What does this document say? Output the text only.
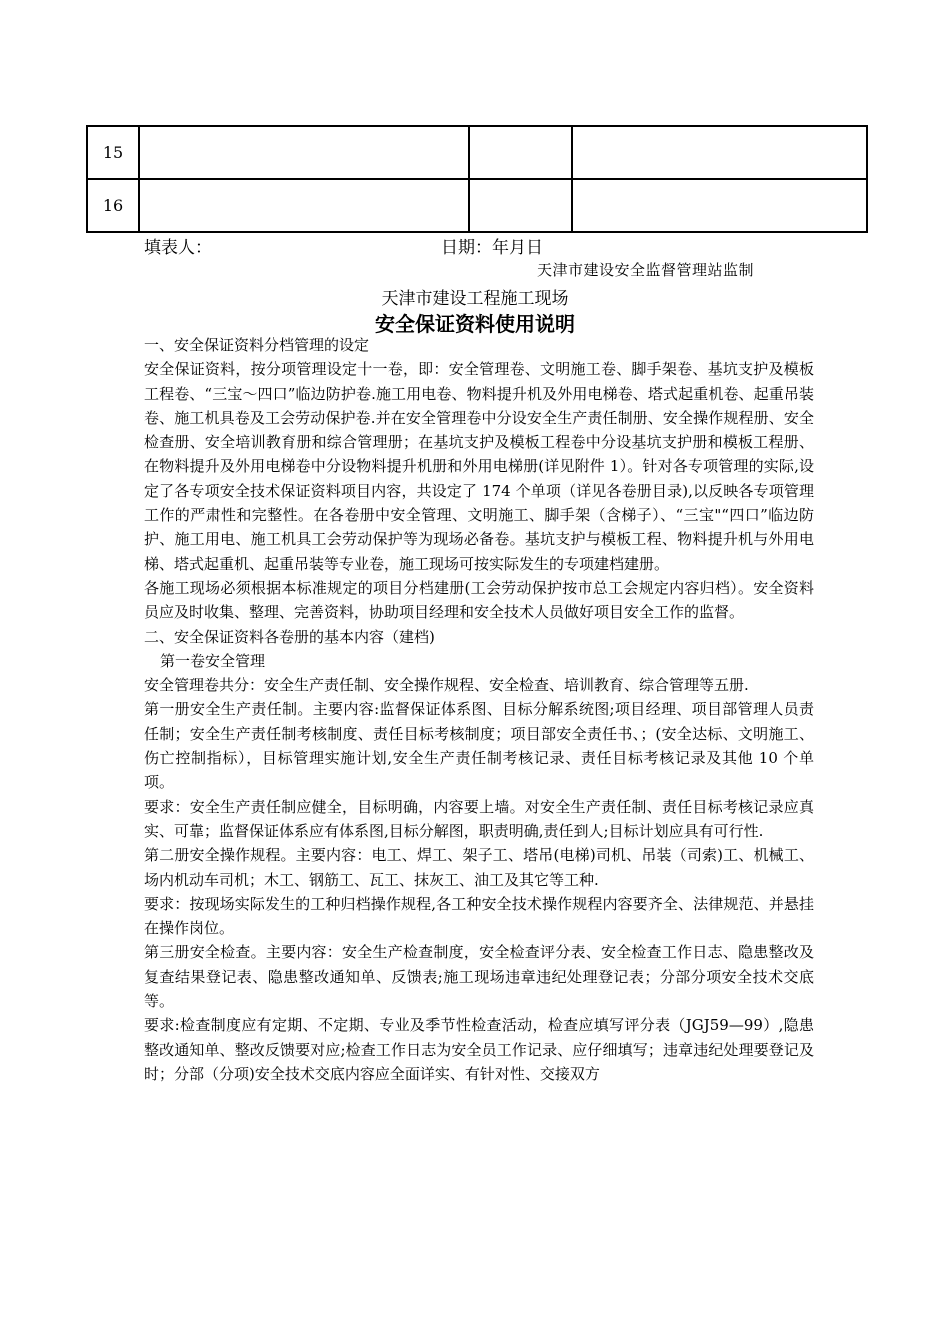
15			
16			
填表人：	日期：年月日
天津市建设安全监督管理站监制
天津市建设工程施工现场
安全保证资料使用说明

一、安全保证资料分档管理的设定

安全保证资料，按分项管理设定十一卷，即：安全管理卷、文明施工卷、脚手架卷、基坑支护及模板工程卷、“三宝～四口”临边防护卷.施工用电卷、物料提升机及外用电梯卷、塔式起重机卷、起重吊装卷、施工机具卷及工会劳动保护卷.并在安全管理卷中分设安全生产责任制册、安全操作规程册、安全检查册、安全培训教育册和综合管理册；在基坑支护及模板工程卷中分设基坑支护册和模板工程册、在物料提升及外用电梯卷中分设物料提升机册和外用电梯册(详见附件 1）。针对各专项管理的实际,设定了各专项安全技术保证资料项目内容，共设定了 174 个单项（详见各卷册目录),以反映各专项管理工作的严肃性和完整性。在各卷册中安全管理、文明施工、脚手架（含梯子）、“三宝"“四口”临边防护、施工用电、施工机具工会劳动保护等为现场必备卷。基坑支护与模板工程、物料提升机与外用电梯、塔式起重机、起重吊装等专业卷，施工现场可按实际发生的专项建档建册。

各施工现场必须根据本标准规定的项目分档建册(工会劳动保护按市总工会规定内容归档）。安全资料员应及时收集、整理、完善资料，协助项目经理和安全技术人员做好项目安全工作的监督。

二、安全保证资料各卷册的基本内容（建档)

第一卷安全管理

安全管理卷共分：安全生产责任制、安全操作规程、安全检查、培训教育、综合管理等五册.

第一册安全生产责任制。主要内容:监督保证体系图、目标分解系统图;项目经理、项目部管理人员责任制；安全生产责任制考核制度、责任目标考核制度；项目部安全责任书、；(安全达标、文明施工、伤亡控制指标），目标管理实施计划,安全生产责任制考核记录、责任目标考核记录及其他 10 个单项。

要求：安全生产责任制应健全，目标明确，内容要上墙。对安全生产责任制、责任目标考核记录应真实、可靠；监督保证体系应有体系图,目标分解图，职责明确,责任到人;目标计划应具有可行性.

第二册安全操作规程。主要内容：电工、焊工、架子工、塔吊(电梯)司机、吊装（司索)工、机械工、场内机动车司机；木工、钢筋工、瓦工、抹灰工、油工及其它等工种.

要求：按现场实际发生的工种归档操作规程,各工种安全技术操作规程内容要齐全、法律规范、并悬挂在操作岗位。

第三册安全检查。主要内容：安全生产检查制度，安全检查评分表、安全检查工作日志、隐患整改及复查结果登记表、隐患整改通知单、反馈表;施工现场违章违纪处理登记表；分部分项安全技术交底等。

要求:检查制度应有定期、不定期、专业及季节性检查活动，检查应填写评分表（JGJ59—99）,隐患整改通知单、整改反馈要对应;检查工作日志为安全员工作记录、应仔细填写；违章违纪处理要登记及时；分部（分项)安全技术交底内容应全面详实、有针对性、交接双方
